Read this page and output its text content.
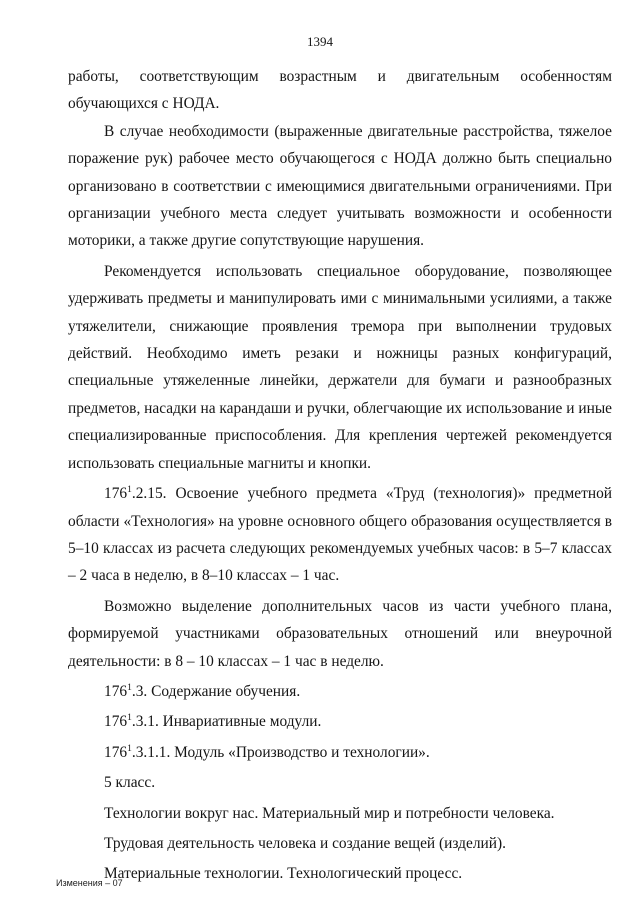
1394

работы, соответствующим возрастным и двигательным особенностям обучающихся с НОДА.

В случае необходимости (выраженные двигательные расстройства, тяжелое поражение рук) рабочее место обучающегося с НОДА должно быть специально организовано в соответствии с имеющимися двигательными ограничениями. При организации учебного места следует учитывать возможности и особенности моторики, а также другие сопутствующие нарушения.

Рекомендуется использовать специальное оборудование, позволяющее удерживать предметы и манипулировать ими с минимальными усилиями, а также утяжелители, снижающие проявления тремора при выполнении трудовых действий. Необходимо иметь резаки и ножницы разных конфигураций, специальные утяжеленные линейки, держатели для бумаги и разнообразных предметов, насадки на карандаши и ручки, облегчающие их использование и иные специализированные приспособления. Для крепления чертежей рекомендуется использовать специальные магниты и кнопки.

$176^1.2.15$. Освоение учебного предмета «Труд (технология)» предметной области «Технология» на уровне основного общего образования осуществляется в 5–10 классах из расчета следующих рекомендуемых учебных часов: в 5–7 классах – 2 часа в неделю, в 8–10 классах – 1 час.

Возможно выделение дополнительных часов из части учебного плана, формируемой участниками образовательных отношений или внеурочной деятельности: в 8 – 10 классах – 1 час в неделю.

$176^1.3$. Содержание обучения.

$176^1.3.1$. Инвариативные модули.

$176^1.3.1.1$. Модуль «Производство и технологии».

5 класс.

Технологии вокруг нас. Материальный мир и потребности человека.

Трудовая деятельность человека и создание вещей (изделий).

Материальные технологии. Технологический процесс.

Изменения – 07
